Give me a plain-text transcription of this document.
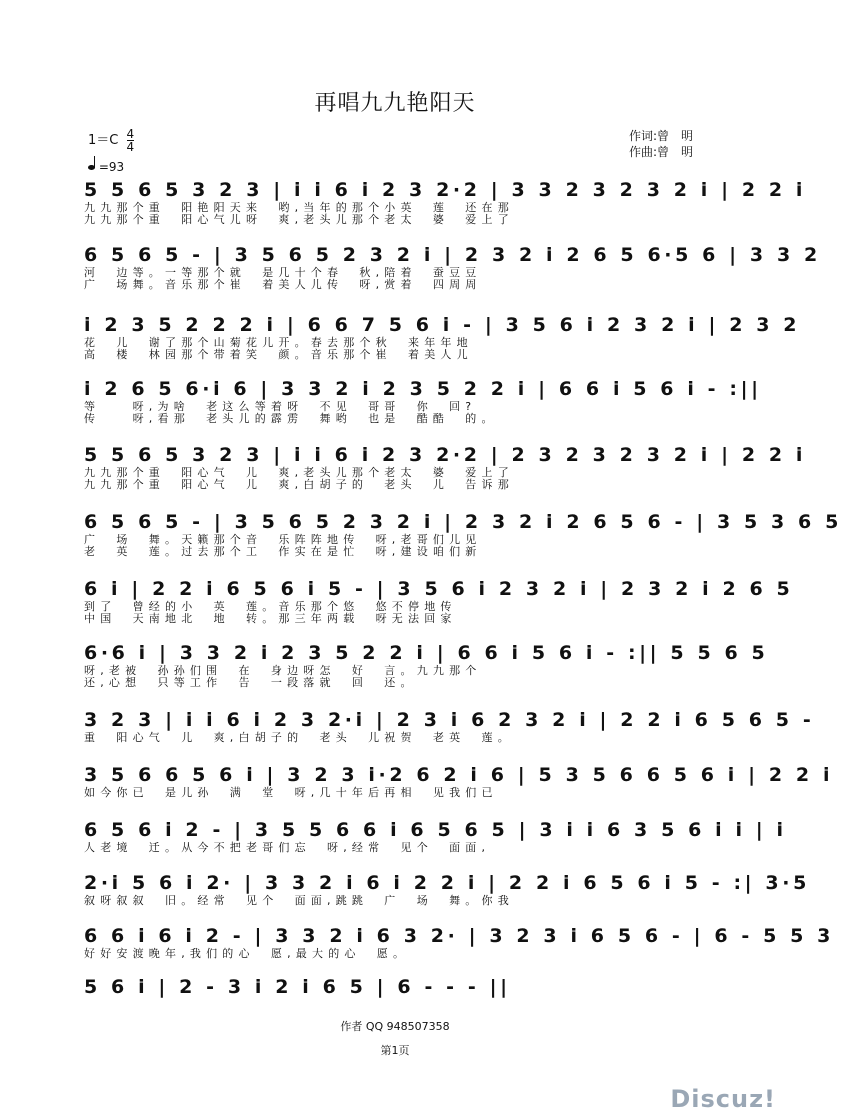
再唱九九艳阳天
$1=C \frac{4}{4}$
=93
作词:曾　明
作曲:曾　明
5 5 6 5 3 2 3 | i i 6 i 2 3 2·2 | 3 3 2 3 2 3 2 i | 2 2 i
九九那个重　阳艳阳天来　哟,当年的那个小英　莲　还在那
九九那个重　阳心气儿呀　爽,老头儿那个老太　婆　爱上了
6 5 6 5 - | 3 5 6 5 2 3 2 i | 2 3 2 i 2 6 5 6·5 6 | 3 3 2
河　边等。一等那个就　是几十个春　秋,陪着　蚕豆豆
广　场舞。音乐那个崔　着美人儿传　呀,赏着　四周周
i 2 3 5 2 2 2 i | 6 6 7 5 6 i - | 3 5 6 i 2 3 2 i | 2 3 2
花　儿　谢了那个山菊花儿开。春去那个秋　来年年地
高　楼　林园那个带着笑　颜。音乐那个崔　着美人儿
i 2 6 5 6·i 6 | 3 3 2 i 2 3 5 2 2 i | 6 6 i 5 6 i - :||
等　　呀,为啥　老这么等着呀　不见　哥哥　你　回?
传　　呀,看那　老头儿的霹雳　舞哟　也是　酷酷　的。
5 5 6 5 3 2 3 | i i 6 i 2 3 2·2 | 2 3 2 3 2 3 2 i | 2 2 i
九九那个重　阳心气　儿　爽,老头儿那个老太　婆　爱上了
九九那个重　阳心气　儿　爽,白胡子的　老头　儿　告诉那
6 5 6 5 - | 3 5 6 5 2 3 2 i | 2 3 2 i 2 6 5 6 - | 3 5 3 6 5
广　场　舞。天籁那个音　乐阵阵地传　呀,老哥们儿见
老　英　莲。过去那个工　作实在是忙　呀,建设咱们新
6 i | 2 2 i 6 5 6 i 5 - | 3 5 6 i 2 3 2 i | 2 3 2 i 2 6 5
到了　曾经的小　英　莲。音乐那个悠　悠不停地传
中国　天南地北　地　转。那三年两载　呀无法回家
6·6 i | 3 3 2 i 2 3 5 2 2 i | 6 6 i 5 6 i - :|| 5 5 6 5
呀,老被　孙孙们围　在　身边呀怎　好　言。九九那个
还,心想　只等工作　告　一段落就　回　还。
3 2 3 | i i 6 i 2 3 2·i | 2 3 i 6 2 3 2 i | 2 2 i 6 5 6 5 -
重　阳心气　儿　爽,白胡子的　老头　儿祝贺　老英　莲。
3 5 6 6 5 6 i | 3 2 3 i·2 6 2 i 6 | 5 3 5 6 6 5 6 i | 2 2 i
如今你已　是儿孙　满　堂　呀,几十年后再相　见我们已
6 5 6 i 2 - | 3 5 5 6 6 i 6 5 6 5 | 3 i i 6 3 5 6 i i | i
人老境　迁。从今不把老哥们忘　呀,经常　见个　面面,
2·i 5 6 i 2· | 3 3 2 i 6 i 2 2 i | 2 2 i 6 5 6 i 5 - :| 3·5
叙呀叙叙　旧。经常　见个　面面,跳跳　广　场　舞。你我
6 6 i 6 i 2 - | 3 3 2 i 6 3 2· | 3 2 3 i 6 5 6 - | 6 - 5 5 3
好好安渡晚年,我们的心　愿,最大的心　愿。
5 6 i | 2 - 3 i 2 i 6 5 | 6 - - - ||
作者 QQ 948507358
第1页
Discuz!
